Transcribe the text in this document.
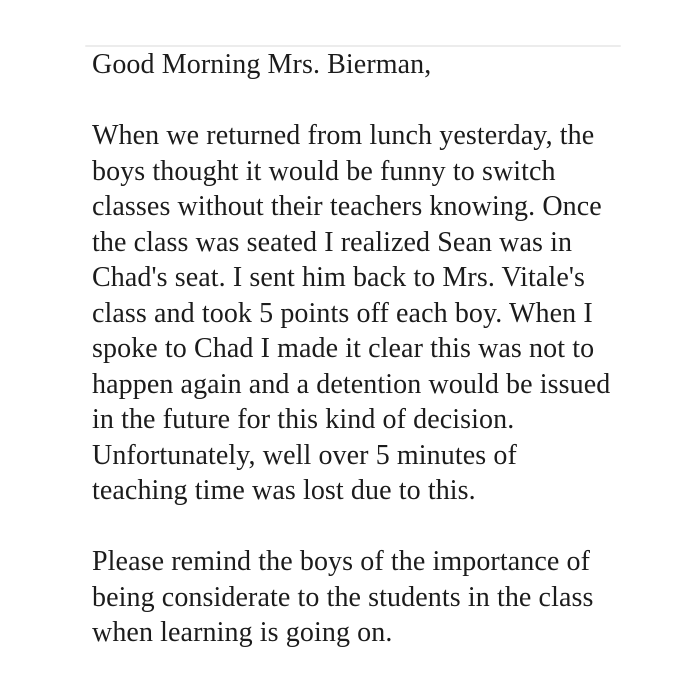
Good Morning Mrs. Bierman,

When we returned from lunch yesterday, the
boys thought it would be funny to switch
classes without their teachers knowing. Once
the class was seated I realized Sean was in
Chad's seat. I sent him back to Mrs. Vitale's
class and took 5 points off each boy. When I
spoke to Chad I made it clear this was not to
happen again and a detention would be issued
in the future for this kind of decision.
Unfortunately, well over 5 minutes of
teaching time was lost due to this.

Please remind the boys of the importance of
being considerate to the students in the class
when learning is going on.
